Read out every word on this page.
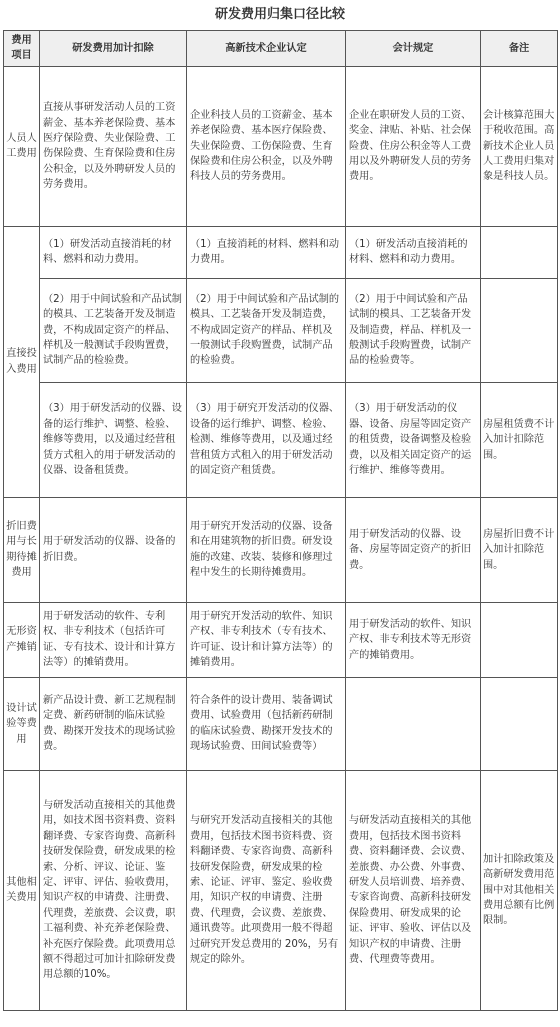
研发费用归集口径比较
费用项目	研发费用加计扣除	高新技术企业认定	会计规定	备注
人员人工费用	直接从事研发活动人员的工资薪金、基本养老保险费、基本医疗保险费、失业保险费、工伤保险费、生育保险费和住房公积金，以及外聘研发人员的劳务费用。	企业科技人员的工资薪金、基本养老保险费、基本医疗保险费、失业保险费、工伤保险费、生育保险费和住房公积金，以及外聘科技人员的劳务费用。	企业在职研发人员的工资、奖金、津贴、补贴、社会保险费、住房公积金等人工费用以及外聘研发人员的劳务费用。	会计核算范围大于税收范围。高新技术企业人员人工费用归集对象是科技人员。
直接投入费用	（1）研发活动直接消耗的材料、燃料和动力费用。	（1）直接消耗的材料、燃料和动力费用。	（1）研发活动直接消耗的材料、燃料和动力费用。	
	（2）用于中间试验和产品试制的模具、工艺装备开发及制造费，不构成固定资产的样品、样机及一般测试手段购置费，试制产品的检验费。	（2）用于中间试验和产品试制的模具、工艺装备开发及制造费，不构成固定资产的样品、样机及一般测试手段购置费，试制产品的检验费。	（2）用于中间试验和产品试制的模具、工艺装备开发及制造费，样品、样机及一般测试手段购置费，试制产品的检验费等。	
	（3）用于研发活动的仪器、设备的运行维护、调整、检验、维修等费用，以及通过经营租赁方式租入的用于研发活动的仪器、设备租赁费。	（3）用于研究开发活动的仪器、设备的运行维护、调整、检验、检测、维修等费用，以及通过经营租赁方式租入的用于研发活动的固定资产租赁费。	（3）用于研发活动的仪器、设备、房屋等固定资产的租赁费，设备调整及检验费，以及相关固定资产的运行维护、维修等费用。	房屋租赁费不计入加计扣除范围。
折旧费用与长期待摊费用	用于研发活动的仪器、设备的折旧费。	用于研究开发活动的仪器、设备和在用建筑物的折旧费。研发设施的改建、改装、装修和修理过程中发生的长期待摊费用。	用于研发活动的仪器、设备、房屋等固定资产的折旧费。	房屋折旧费不计入加计扣除范围。
无形资产摊销	用于研发活动的软件、专利权、非专利技术（包括许可证、专有技术、设计和计算方法等）的摊销费用。	用于研究开发活动的软件、知识产权、非专利技术（专有技术、许可证、设计和计算方法等）的摊销费用。	用于研发活动的软件、知识产权、非专利技术等无形资产的摊销费用。	
设计试验等费用	新产品设计费、新工艺规程制定费、新药研制的临床试验费、勘探开发技术的现场试验费。	符合条件的设计费用、装备调试费用、试验费用（包括新药研制的临床试验费、勘探开发技术的现场试验费、田间试验费等）		
其他相关费用	与研发活动直接相关的其他费用，如技术图书资料费、资料翻译费、专家咨询费、高新科技研发保险费，研发成果的检索、分析、评议、论证、鉴定、评审、评估、验收费用，知识产权的申请费、注册费、代理费，差旅费、会议费，职工福利费、补充养老保险费、补充医疗保险费。此项费用总额不得超过可加计扣除研发费用总额的10%。	与研究开发活动直接相关的其他费用，包括技术图书资料费、资料翻译费、专家咨询费、高新科技研发保险费，研发成果的检索、论证、评审、鉴定、验收费用，知识产权的申请费、注册费、代理费，会议费、差旅费、通讯费等。此项费用一般不得超过研究开发总费用的 20%，另有规定的除外。	与研发活动直接相关的其他费用，包括技术图书资料费、资料翻译费、会议费、差旅费、办公费、外事费、研发人员培训费、培养费、专家咨询费、高新科技研发保险费用、研发成果的论证、评审、验收、评估以及知识产权的申请费、注册费、代理费等费用。	加计扣除政策及高新研发费用范围中对其他相关费用总额有比例限制。
